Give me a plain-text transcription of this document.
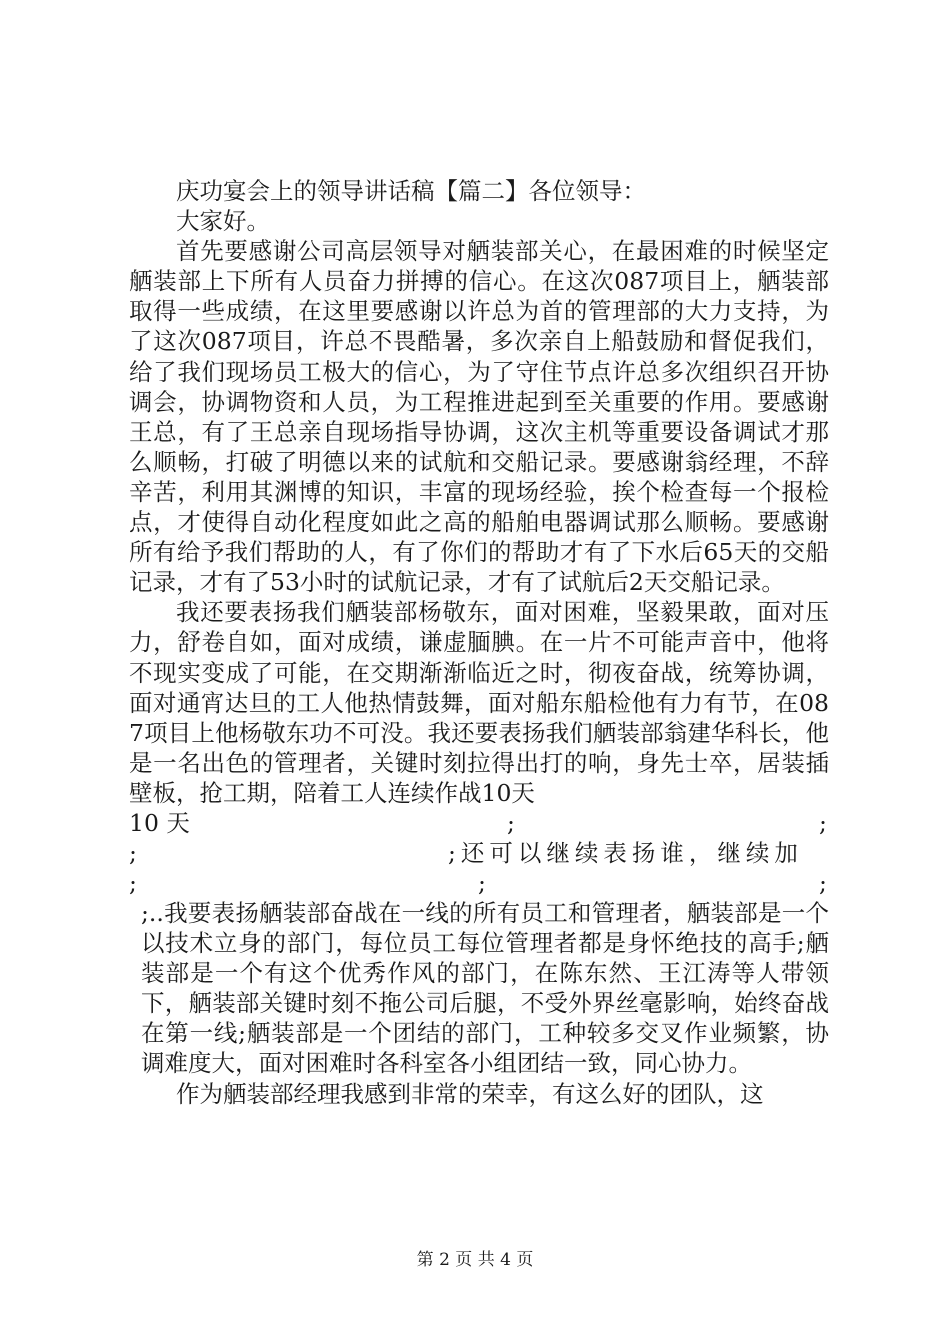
庆功宴会上的领导讲话稿【篇二】各位领导：

大家好。

首先要感谢公司高层领导对舾装部关心，在最困难的时候坚定舾装部上下所有人员奋力拼搏的信心。在这次087项目上，舾装部取得一些成绩，在这里要感谢以许总为首的管理部的大力支持，为了这次087项目，许总不畏酷暑，多次亲自上船鼓励和督促我们，给了我们现场员工极大的信心，为了守住节点许总多次组织召开协调会，协调物资和人员，为工程推进起到至关重要的作用。要感谢王总，有了王总亲自现场指导协调，这次主机等重要设备调试才那么顺畅，打破了明德以来的试航和交船记录。要感谢翁经理，不辞辛苦，利用其渊博的知识，丰富的现场经验，挨个检查每一个报检点，才使得自动化程度如此之高的船舶电器调试那么顺畅。要感谢所有给予我们帮助的人，有了你们的帮助才有了下水后65天的交船记录，才有了53小时的试航记录，才有了试航后2天交船记录。

我还要表扬我们舾装部杨敬东，面对困难，坚毅果敢，面对压力，舒卷自如，面对成绩，谦虚腼腆。在一片不可能声音中，他将不现实变成了可能，在交期渐渐临近之时，彻夜奋战，统筹协调，面对通宵达旦的工人他热情鼓舞，面对船东船检他有力有节，在087项目上他杨敬东功不可没。我还要表扬我们舾装部翁建华科长，他是一名出色的管理者，关键时刻拉得出打的响，身先士卒，居装插壁板，抢工期，陪着工人连续作战10天

10 天	;	;
;	;还可以继续表扬谁，继续加
;	;	;

;..我要表扬舾装部奋战在一线的所有员工和管理者，舾装部是一个以技术立身的部门，每位员工每位管理者都是身怀绝技的高手;舾装部是一个有这个优秀作风的部门，在陈东然、王江涛等人带领下，舾装部关键时刻不拖公司后腿，不受外界丝毫影响，始终奋战在第一线;舾装部是一个团结的部门，工种较多交叉作业频繁，协调难度大，面对困难时各科室各小组团结一致，同心协力。

作为舾装部经理我感到非常的荣幸，有这么好的团队，这

第 2 页 共 4 页
